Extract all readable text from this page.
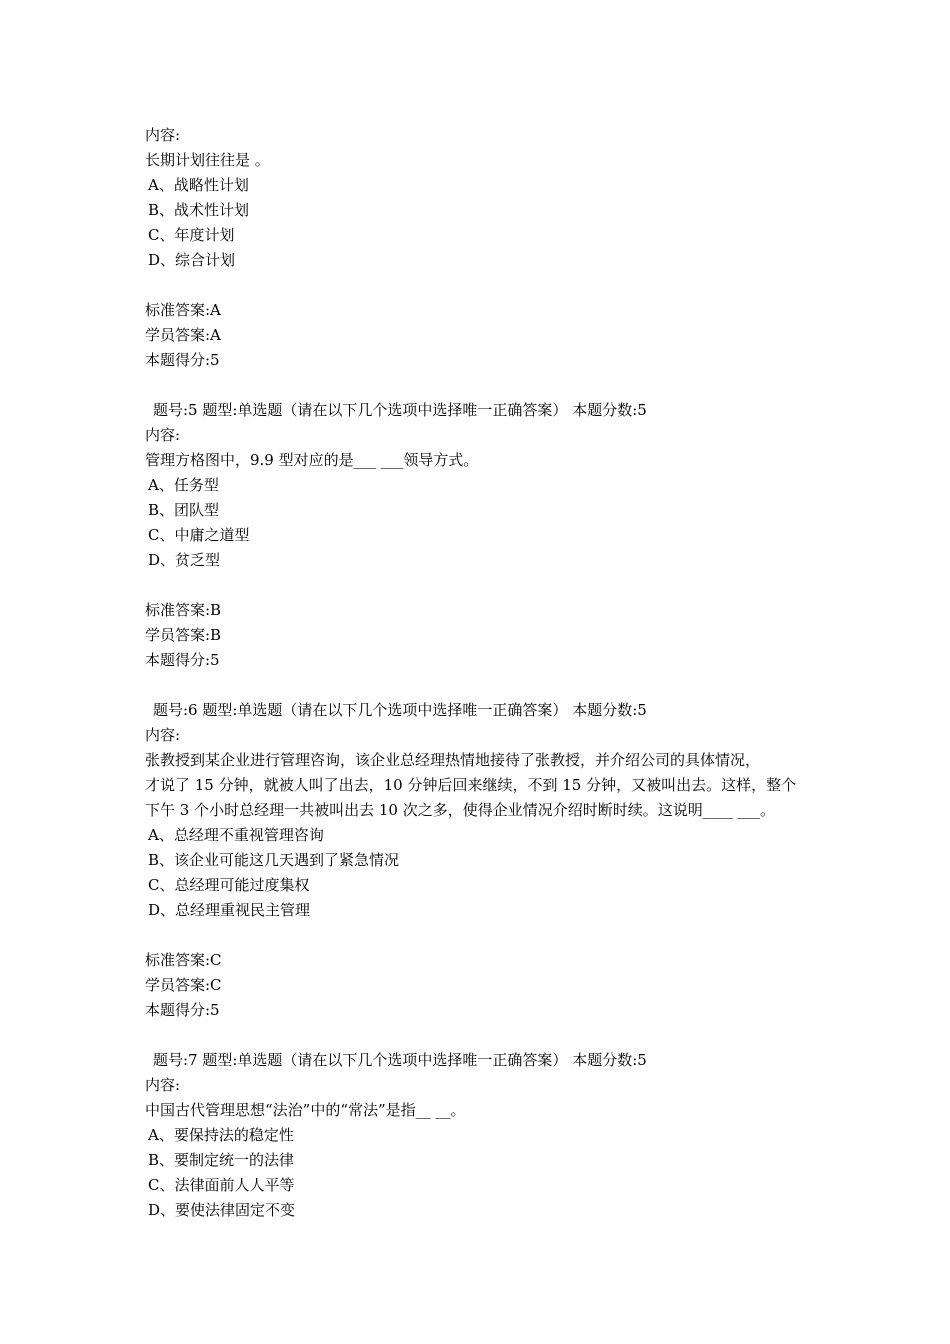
内容:
长期计划往往是 。
A、战略性计划
B、战术性计划
C、年度计划
D、综合计划
标准答案:A
学员答案:A
本题得分:5
题号:5 题型:单选题（请在以下几个选项中选择唯一正确答案） 本题分数:5
内容:
管理方格图中，9.9 型对应的是___ ___领导方式。
A、任务型
B、团队型
C、中庸之道型
D、贫乏型
标准答案:B
学员答案:B
本题得分:5
题号:6 题型:单选题（请在以下几个选项中选择唯一正确答案） 本题分数:5
内容:
张教授到某企业进行管理咨询，该企业总经理热情地接待了张教授，并介绍公司的具体情况，
才说了 15 分钟，就被人叫了出去，10 分钟后回来继续，不到 15 分钟，又被叫出去。这样，整个
下午 3 个小时总经理一共被叫出去 10 次之多，使得企业情况介绍时断时续。这说明____ ___。
A、总经理不重视管理咨询
B、该企业可能这几天遇到了紧急情况
C、总经理可能过度集权
D、总经理重视民主管理
标准答案:C
学员答案:C
本题得分:5
题号:7 题型:单选题（请在以下几个选项中选择唯一正确答案） 本题分数:5
内容:
中国古代管理思想“法治”中的“常法”是指__ __。
A、要保持法的稳定性
B、要制定统一的法律
C、法律面前人人平等
D、要使法律固定不变
